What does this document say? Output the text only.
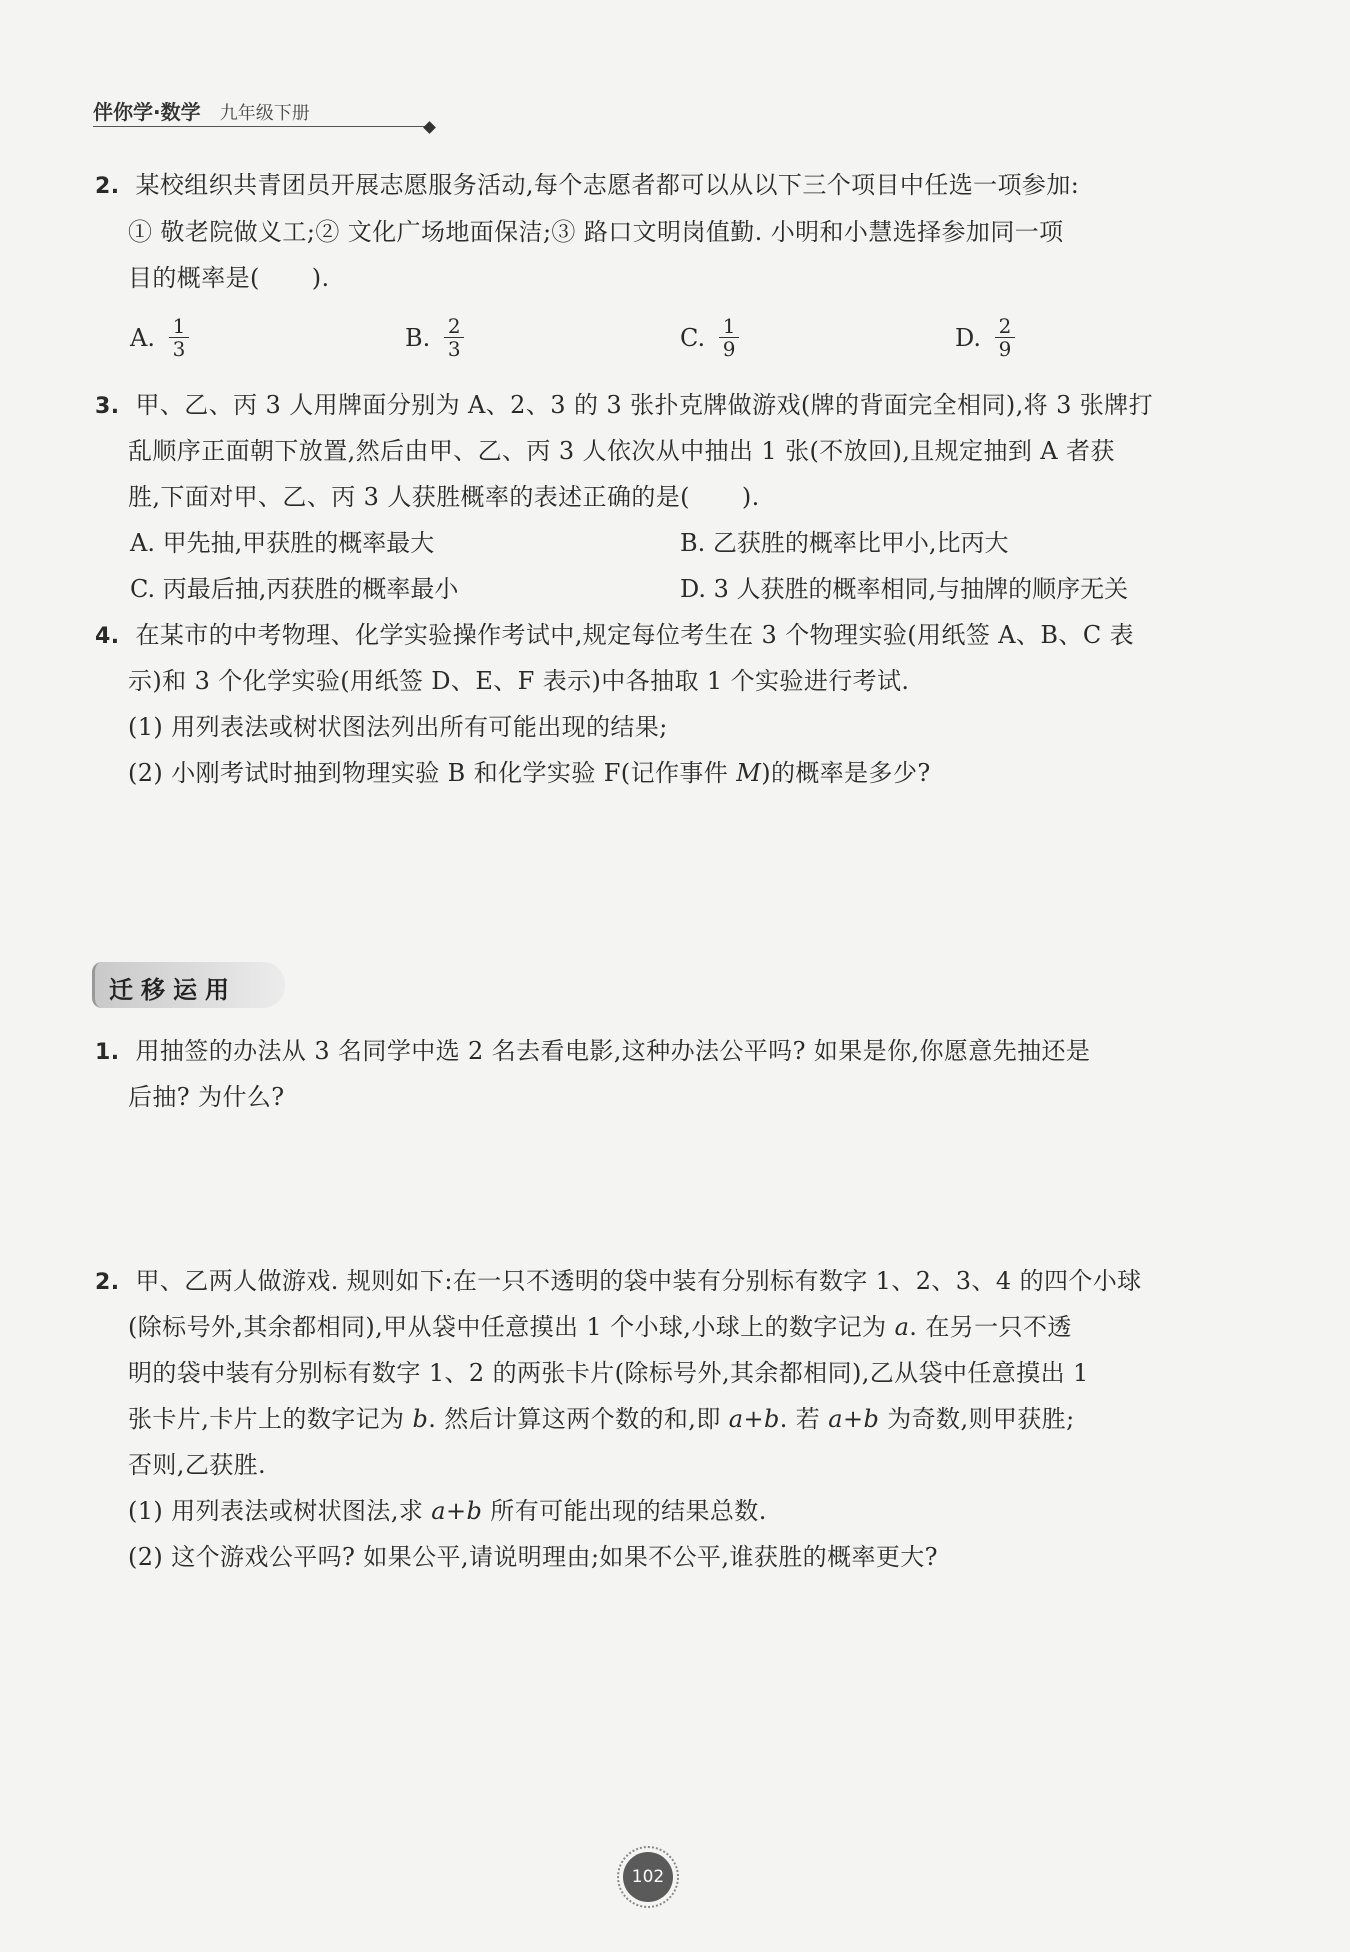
伴你学·数学 九年级下册
2. 某校组织共青团员开展志愿服务活动,每个志愿者都可以从以下三个项目中任选一项参加:
① 敬老院做义工;② 文化广场地面保洁;③ 路口文明岗值勤. 小明和小慧选择参加同一项
目的概率是( ).
A. $\frac{1}{3}$	B. $\frac{2}{3}$	C. $\frac{1}{9}$	D. $\frac{2}{9}$
3. 甲、乙、丙 3 人用牌面分别为 A、2、3 的 3 张扑克牌做游戏(牌的背面完全相同),将 3 张牌打
乱顺序正面朝下放置,然后由甲、乙、丙 3 人依次从中抽出 1 张(不放回),且规定抽到 A 者获
胜,下面对甲、乙、丙 3 人获胜概率的表述正确的是( ).
A. 甲先抽,甲获胜的概率最大	B. 乙获胜的概率比甲小,比丙大
C. 丙最后抽,丙获胜的概率最小	D. 3 人获胜的概率相同,与抽牌的顺序无关
4. 在某市的中考物理、化学实验操作考试中,规定每位考生在 3 个物理实验(用纸签 A、B、C 表
示)和 3 个化学实验(用纸签 D、E、F 表示)中各抽取 1 个实验进行考试.
(1) 用列表法或树状图法列出所有可能出现的结果;
(2) 小刚考试时抽到物理实验 B 和化学实验 F(记作事件 M)的概率是多少?
迁移运用
1. 用抽签的办法从 3 名同学中选 2 名去看电影,这种办法公平吗? 如果是你,你愿意先抽还是
后抽? 为什么?
2. 甲、乙两人做游戏. 规则如下:在一只不透明的袋中装有分别标有数字 1、2、3、4 的四个小球
(除标号外,其余都相同),甲从袋中任意摸出 1 个小球,小球上的数字记为 a. 在另一只不透
明的袋中装有分别标有数字 1、2 的两张卡片(除标号外,其余都相同),乙从袋中任意摸出 1
张卡片,卡片上的数字记为 b. 然后计算这两个数的和,即 a+b. 若 a+b 为奇数,则甲获胜;
否则,乙获胜.
(1) 用列表法或树状图法,求 a+b 所有可能出现的结果总数.
(2) 这个游戏公平吗? 如果公平,请说明理由;如果不公平,谁获胜的概率更大?
102
